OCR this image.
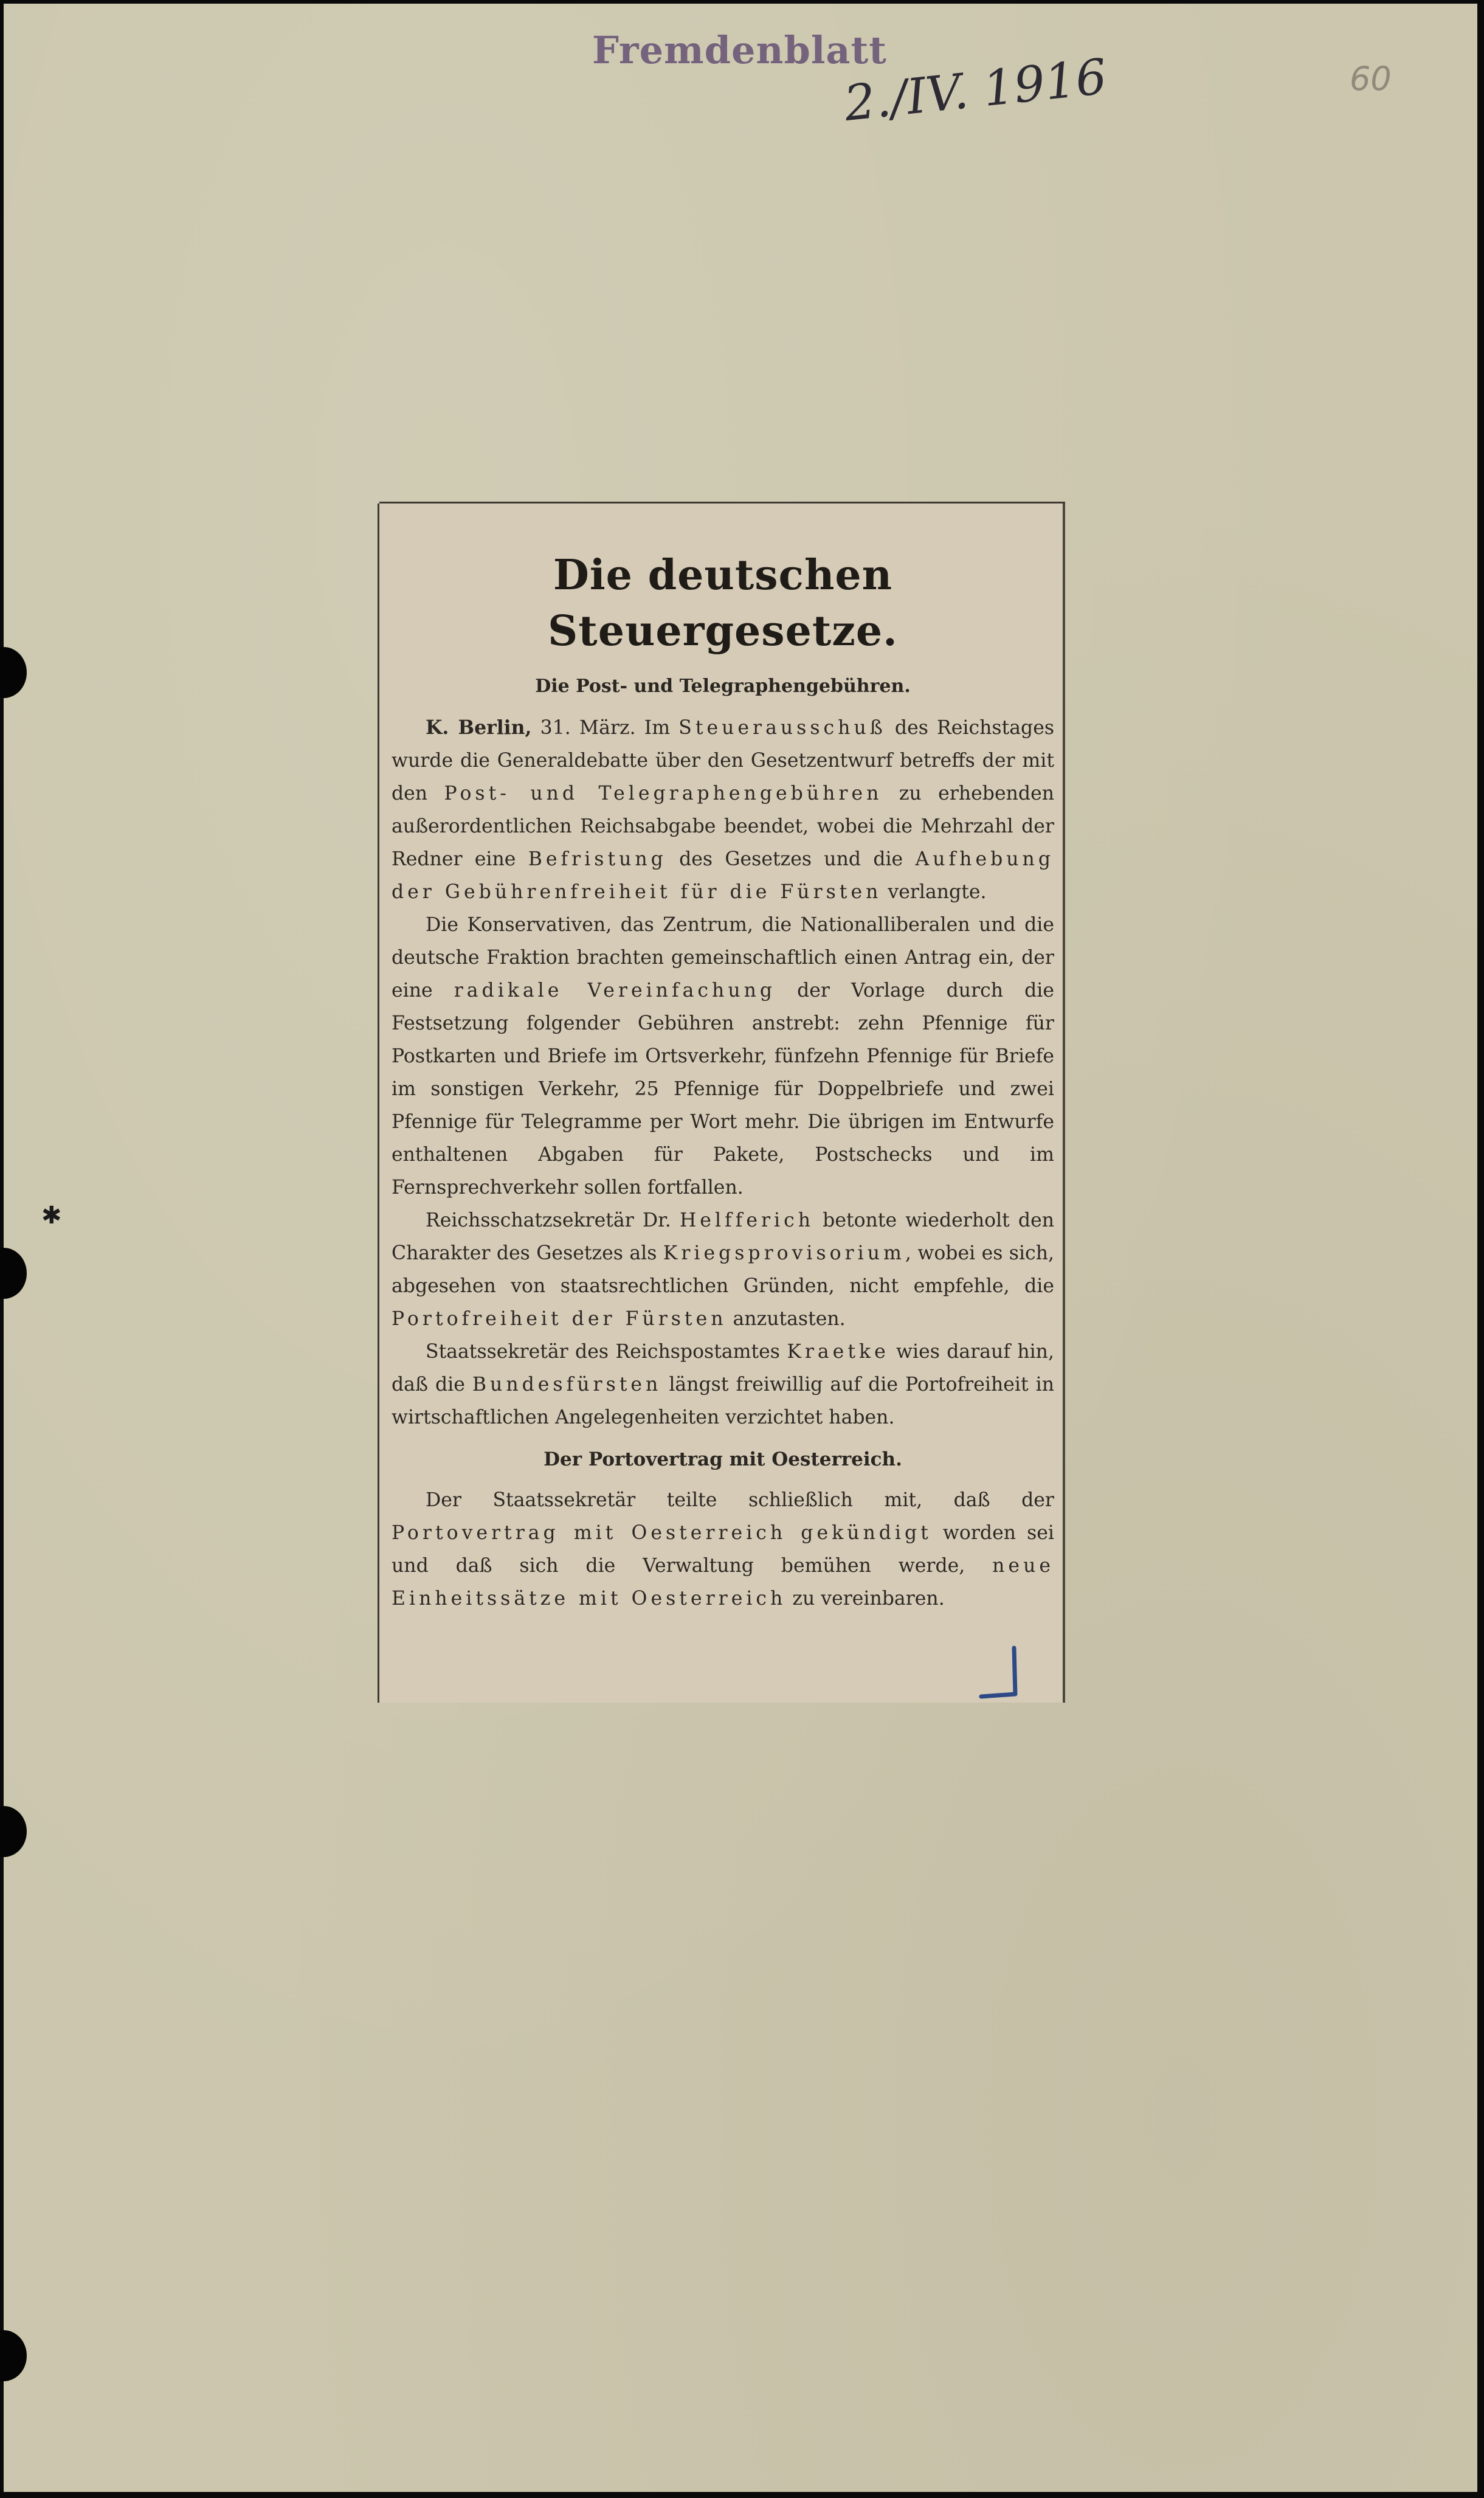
✱
Fremdenblatt
2./IV. 1916	60
Die deutschen Steuergesetze.
Die Post- und Telegraphengebühren.

K. Berlin, 31. März. Im Steuerausschuß des Reichstages wurde die Generaldebatte über den Gesetzentwurf betreffs der mit den Post- und Telegraphengebühren zu erhebenden außerordentlichen Reichsabgabe beendet, wobei die Mehrzahl der Redner eine Befristung des Gesetzes und die Aufhebung der Gebührenfreiheit für die Fürsten verlangte.

Die Konservativen, das Zentrum, die Nationalliberalen und die deutsche Fraktion brachten gemeinschaftlich einen Antrag ein, der eine radikale Vereinfachung der Vorlage durch die Festsetzung folgender Gebühren anstrebt: zehn Pfennige für Postkarten und Briefe im Ortsverkehr, fünfzehn Pfennige für Briefe im sonstigen Verkehr, 25 Pfennige für Doppelbriefe und zwei Pfennige für Telegramme per Wort mehr. Die übrigen im Entwurfe enthaltenen Abgaben für Pakete, Postschecks und im Fernsprechverkehr sollen fortfallen.

Reichsschatzsekretär Dr. Helfferich betonte wiederholt den Charakter des Gesetzes als Kriegsprovisorium, wobei es sich, abgesehen von staatsrechtlichen Gründen, nicht empfehle, die Portofreiheit der Fürsten anzutasten.

Staatssekretär des Reichspostamtes Kraetke wies darauf hin, daß die Bundesfürsten längst freiwillig auf die Portofreiheit in wirtschaftlichen Angelegenheiten verzichtet haben.

Der Portovertrag mit Oesterreich.

Der Staatssekretär teilte schließlich mit, daß der Portovertrag mit Oesterreich gekündigt worden sei und daß sich die Verwaltung bemühen werde, neue Einheitssätze mit Oesterreich zu vereinbaren.
